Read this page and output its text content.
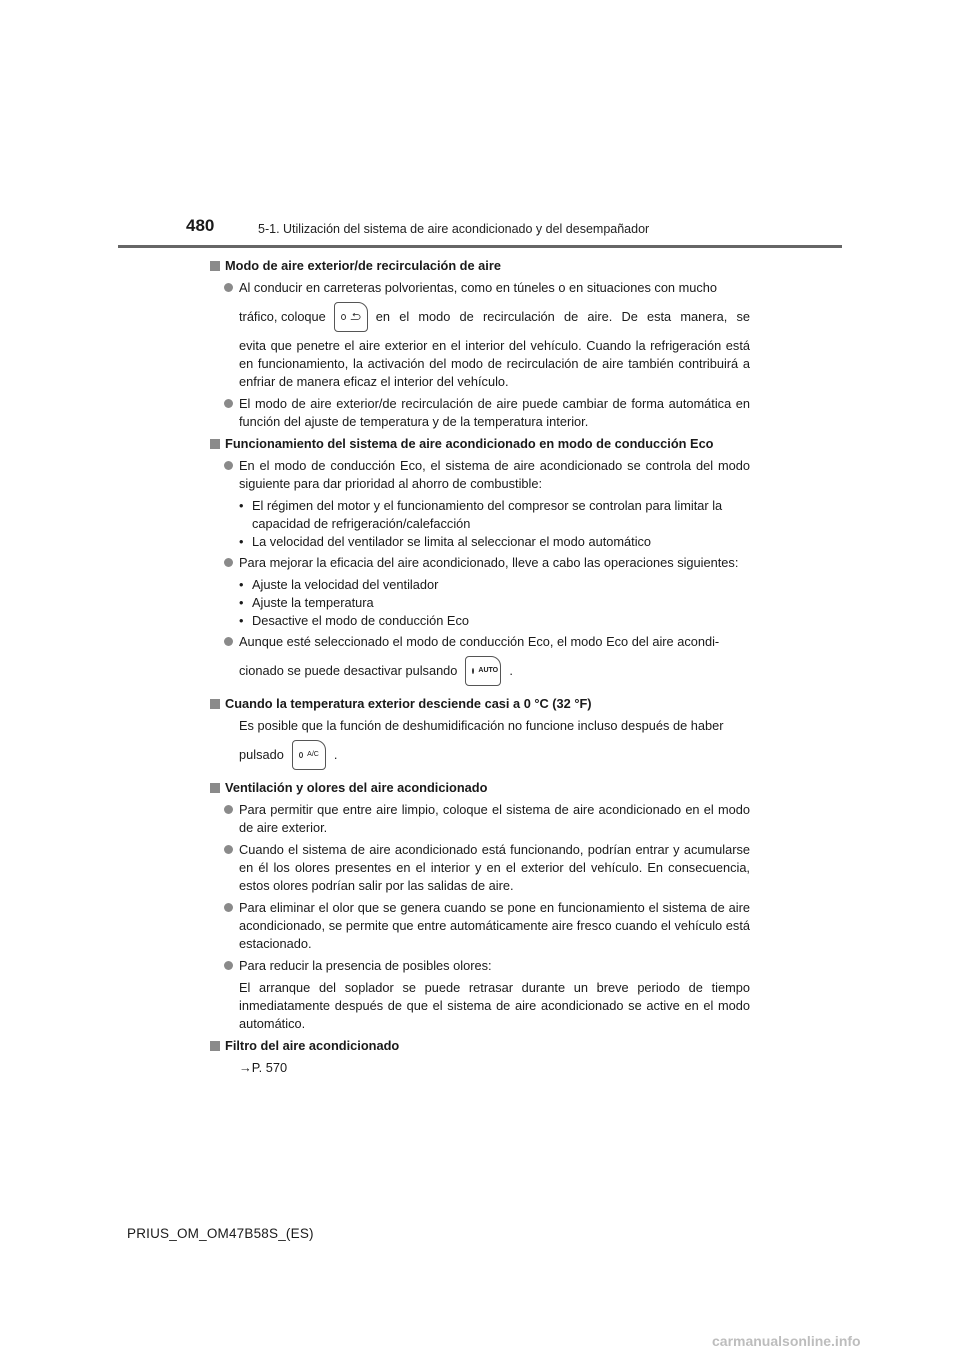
480	5-1. Utilización del sistema de aire acondicionado y del desempañador
Modo de aire exterior/de recirculación de aire
Al conducir en carreteras polvorientas, como en túneles o en situaciones con mucho
tráfico, coloque	en el modo de recirculación de aire. De esta manera, se
evita que penetre el aire exterior en el interior del vehículo. Cuando la refrigeración está en funcionamiento, la activación del modo de recirculación de aire también contribuirá a enfriar de manera eficaz el interior del vehículo.
El modo de aire exterior/de recirculación de aire puede cambiar de forma automática en función del ajuste de temperatura y de la temperatura interior.
Funcionamiento del sistema de aire acondicionado en modo de conducción Eco
En el modo de conducción Eco, el sistema de aire acondicionado se controla del modo siguiente para dar prioridad al ahorro de combustible:
• El régimen del motor y el funcionamiento del compresor se controlan para limitar la capacidad de refrigeración/calefacción
• La velocidad del ventilador se limita al seleccionar el modo automático
Para mejorar la eficacia del aire acondicionado, lleve a cabo las operaciones siguientes:
• Ajuste la velocidad del ventilador
• Ajuste la temperatura
• Desactive el modo de conducción Eco
Aunque esté seleccionado el modo de conducción Eco, el modo Eco del aire acondi-
cionado se puede desactivar pulsando	AUTO .
Cuando la temperatura exterior desciende casi a 0 °C (32 °F)
Es posible que la función de deshumidificación no funcione incluso después de haber
pulsado	A/C .
Ventilación y olores del aire acondicionado
Para permitir que entre aire limpio, coloque el sistema de aire acondicionado en el modo de aire exterior.
Cuando el sistema de aire acondicionado está funcionando, podrían entrar y acumularse en él los olores presentes en el interior y en el exterior del vehículo. En consecuencia, estos olores podrían salir por las salidas de aire.
Para eliminar el olor que se genera cuando se pone en funcionamiento el sistema de aire acondicionado, se permite que entre automáticamente aire fresco cuando el vehículo está estacionado.
Para reducir la presencia de posibles olores:
El arranque del soplador se puede retrasar durante un breve periodo de tiempo inmediatamente después de que el sistema de aire acondicionado se active en el modo automático.
Filtro del aire acondicionado
→P. 570
PRIUS_OM_OM47B58S_(ES)
carmanualsonline.info
